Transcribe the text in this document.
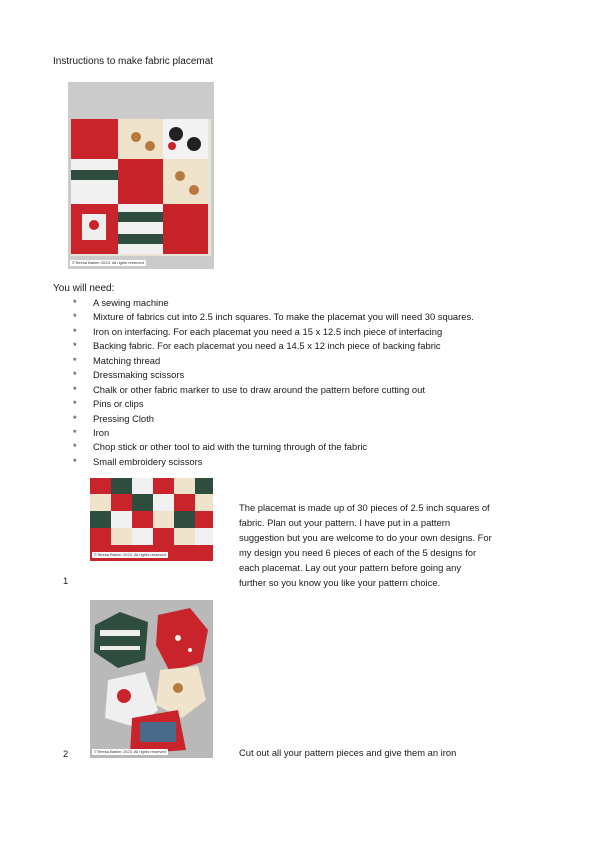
Instructions to make fabric placemat
©Teresa Barker 2023. All rights reserved
You will need:
* A sewing machine
* Mixture of fabrics cut into 2.5 inch squares. To make the placemat you will need 30 squares.
* Iron on interfacing. For each placemat you need a 15 x 12.5 inch piece of interfacing
* Backing fabric. For each placemat you need a 14.5 x 12 inch piece of backing fabric
* Matching thread
* Dressmaking scissors
* Chalk or other fabric marker to use to draw around the pattern before cutting out
* Pins or clips
* Pressing Cloth
* Iron
* Chop stick or other tool to aid with the turning through of the fabric
* Small embroidery scissors
©Teresa Barker 2023. All rights reserved
1
The placemat is made up of 30 pieces of 2.5 inch squares of
fabric. Plan out your pattern. I have put in a pattern
suggestion but you are welcome to do your own designs. For
my design you need 6 pieces of each of the 5 designs for
each placemat. Lay out your pattern before going any
further so you know you like your pattern choice.
©Teresa Barker 2023. All rights reserved
2	Cut out all your pattern pieces and give them an iron
